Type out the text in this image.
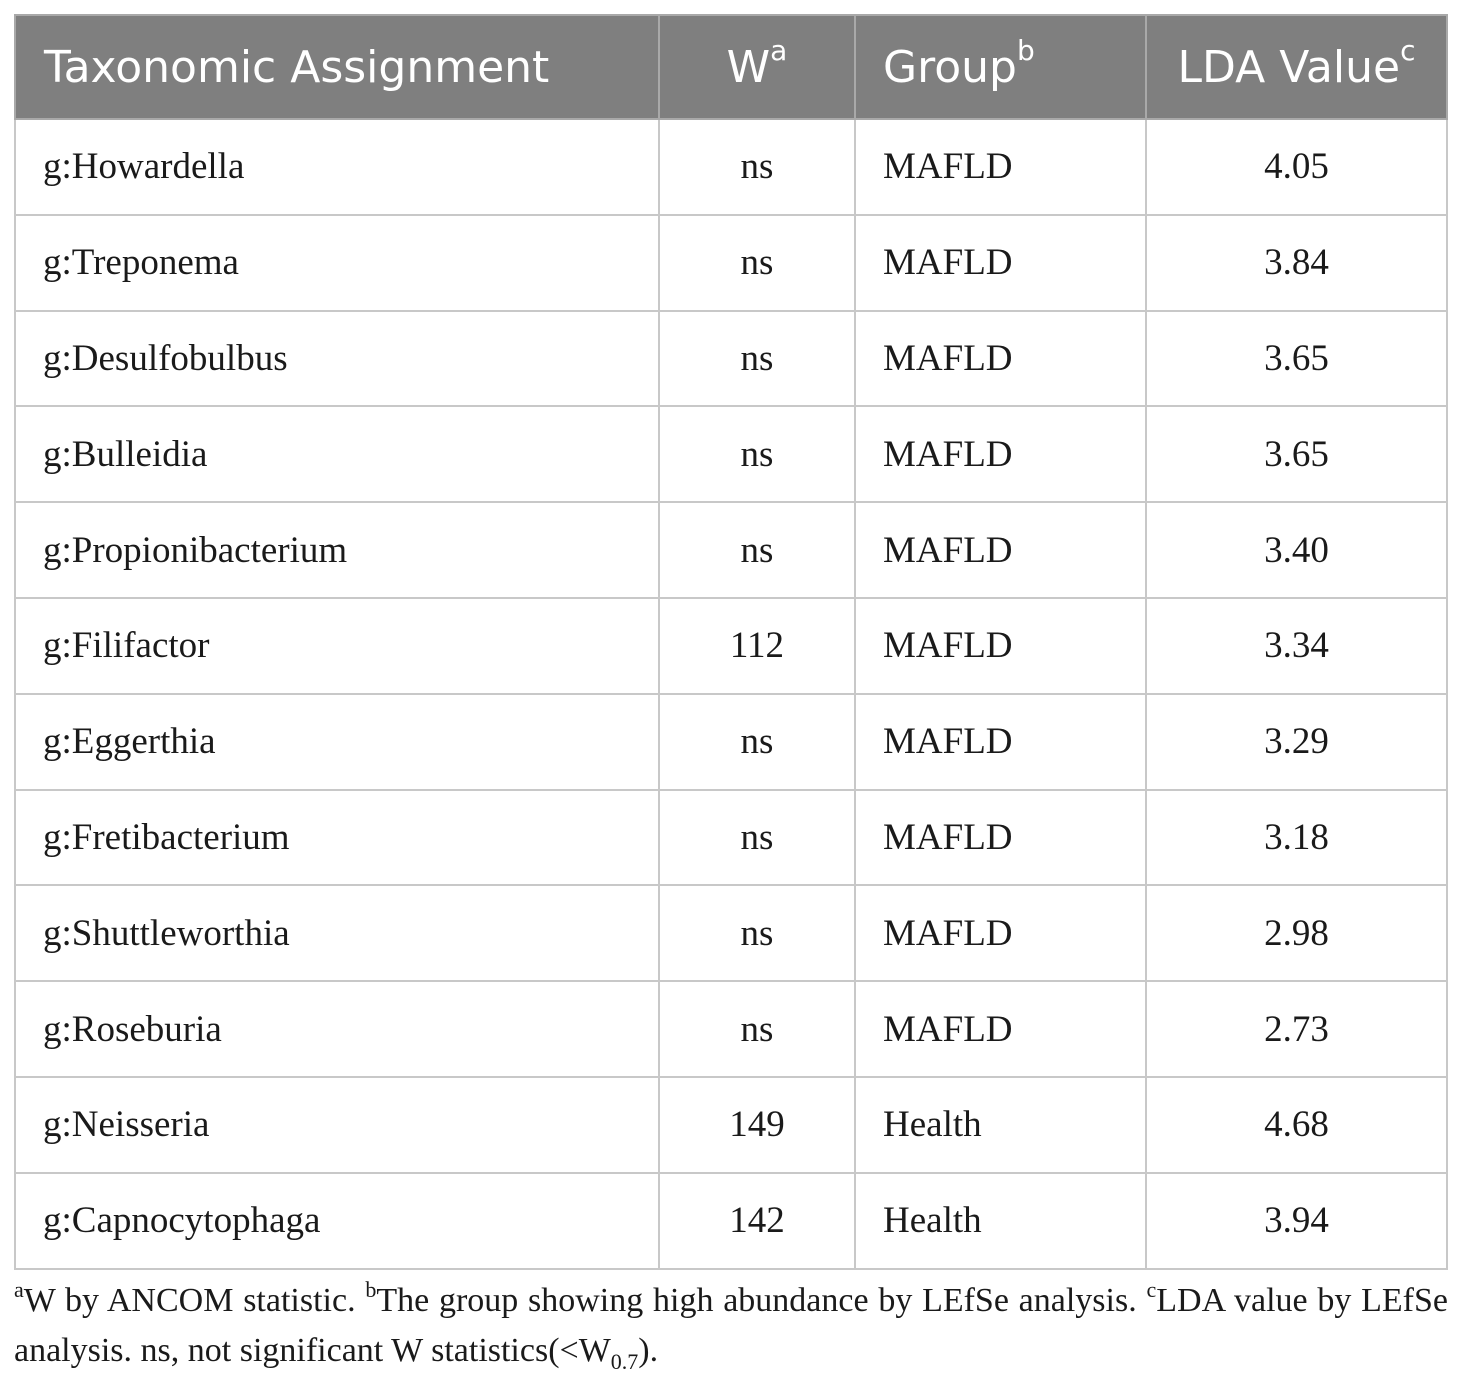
Taxonomic Assignment	$W^a$	Group$^b$	LDA Value$^c$
g:Howardella	ns	MAFLD	4.05
g:Treponema	ns	MAFLD	3.84
g:Desulfobulbus	ns	MAFLD	3.65
g:Bulleidia	ns	MAFLD	3.65
g:Propionibacterium	ns	MAFLD	3.40
g:Filifactor	112	MAFLD	3.34
g:Eggerthia	ns	MAFLD	3.29
g:Fretibacterium	ns	MAFLD	3.18
g:Shuttleworthia	ns	MAFLD	2.98
g:Roseburia	ns	MAFLD	2.73
g:Neisseria	149	Health	4.68
g:Capnocytophaga	142	Health	3.94
$^a$W by ANCOM statistic. $^b$The group showing high abundance by LEfSe analysis. $^c$LDA value by LEfSe analysis. ns, not significant W $statistics(<W_{0.7})$.
